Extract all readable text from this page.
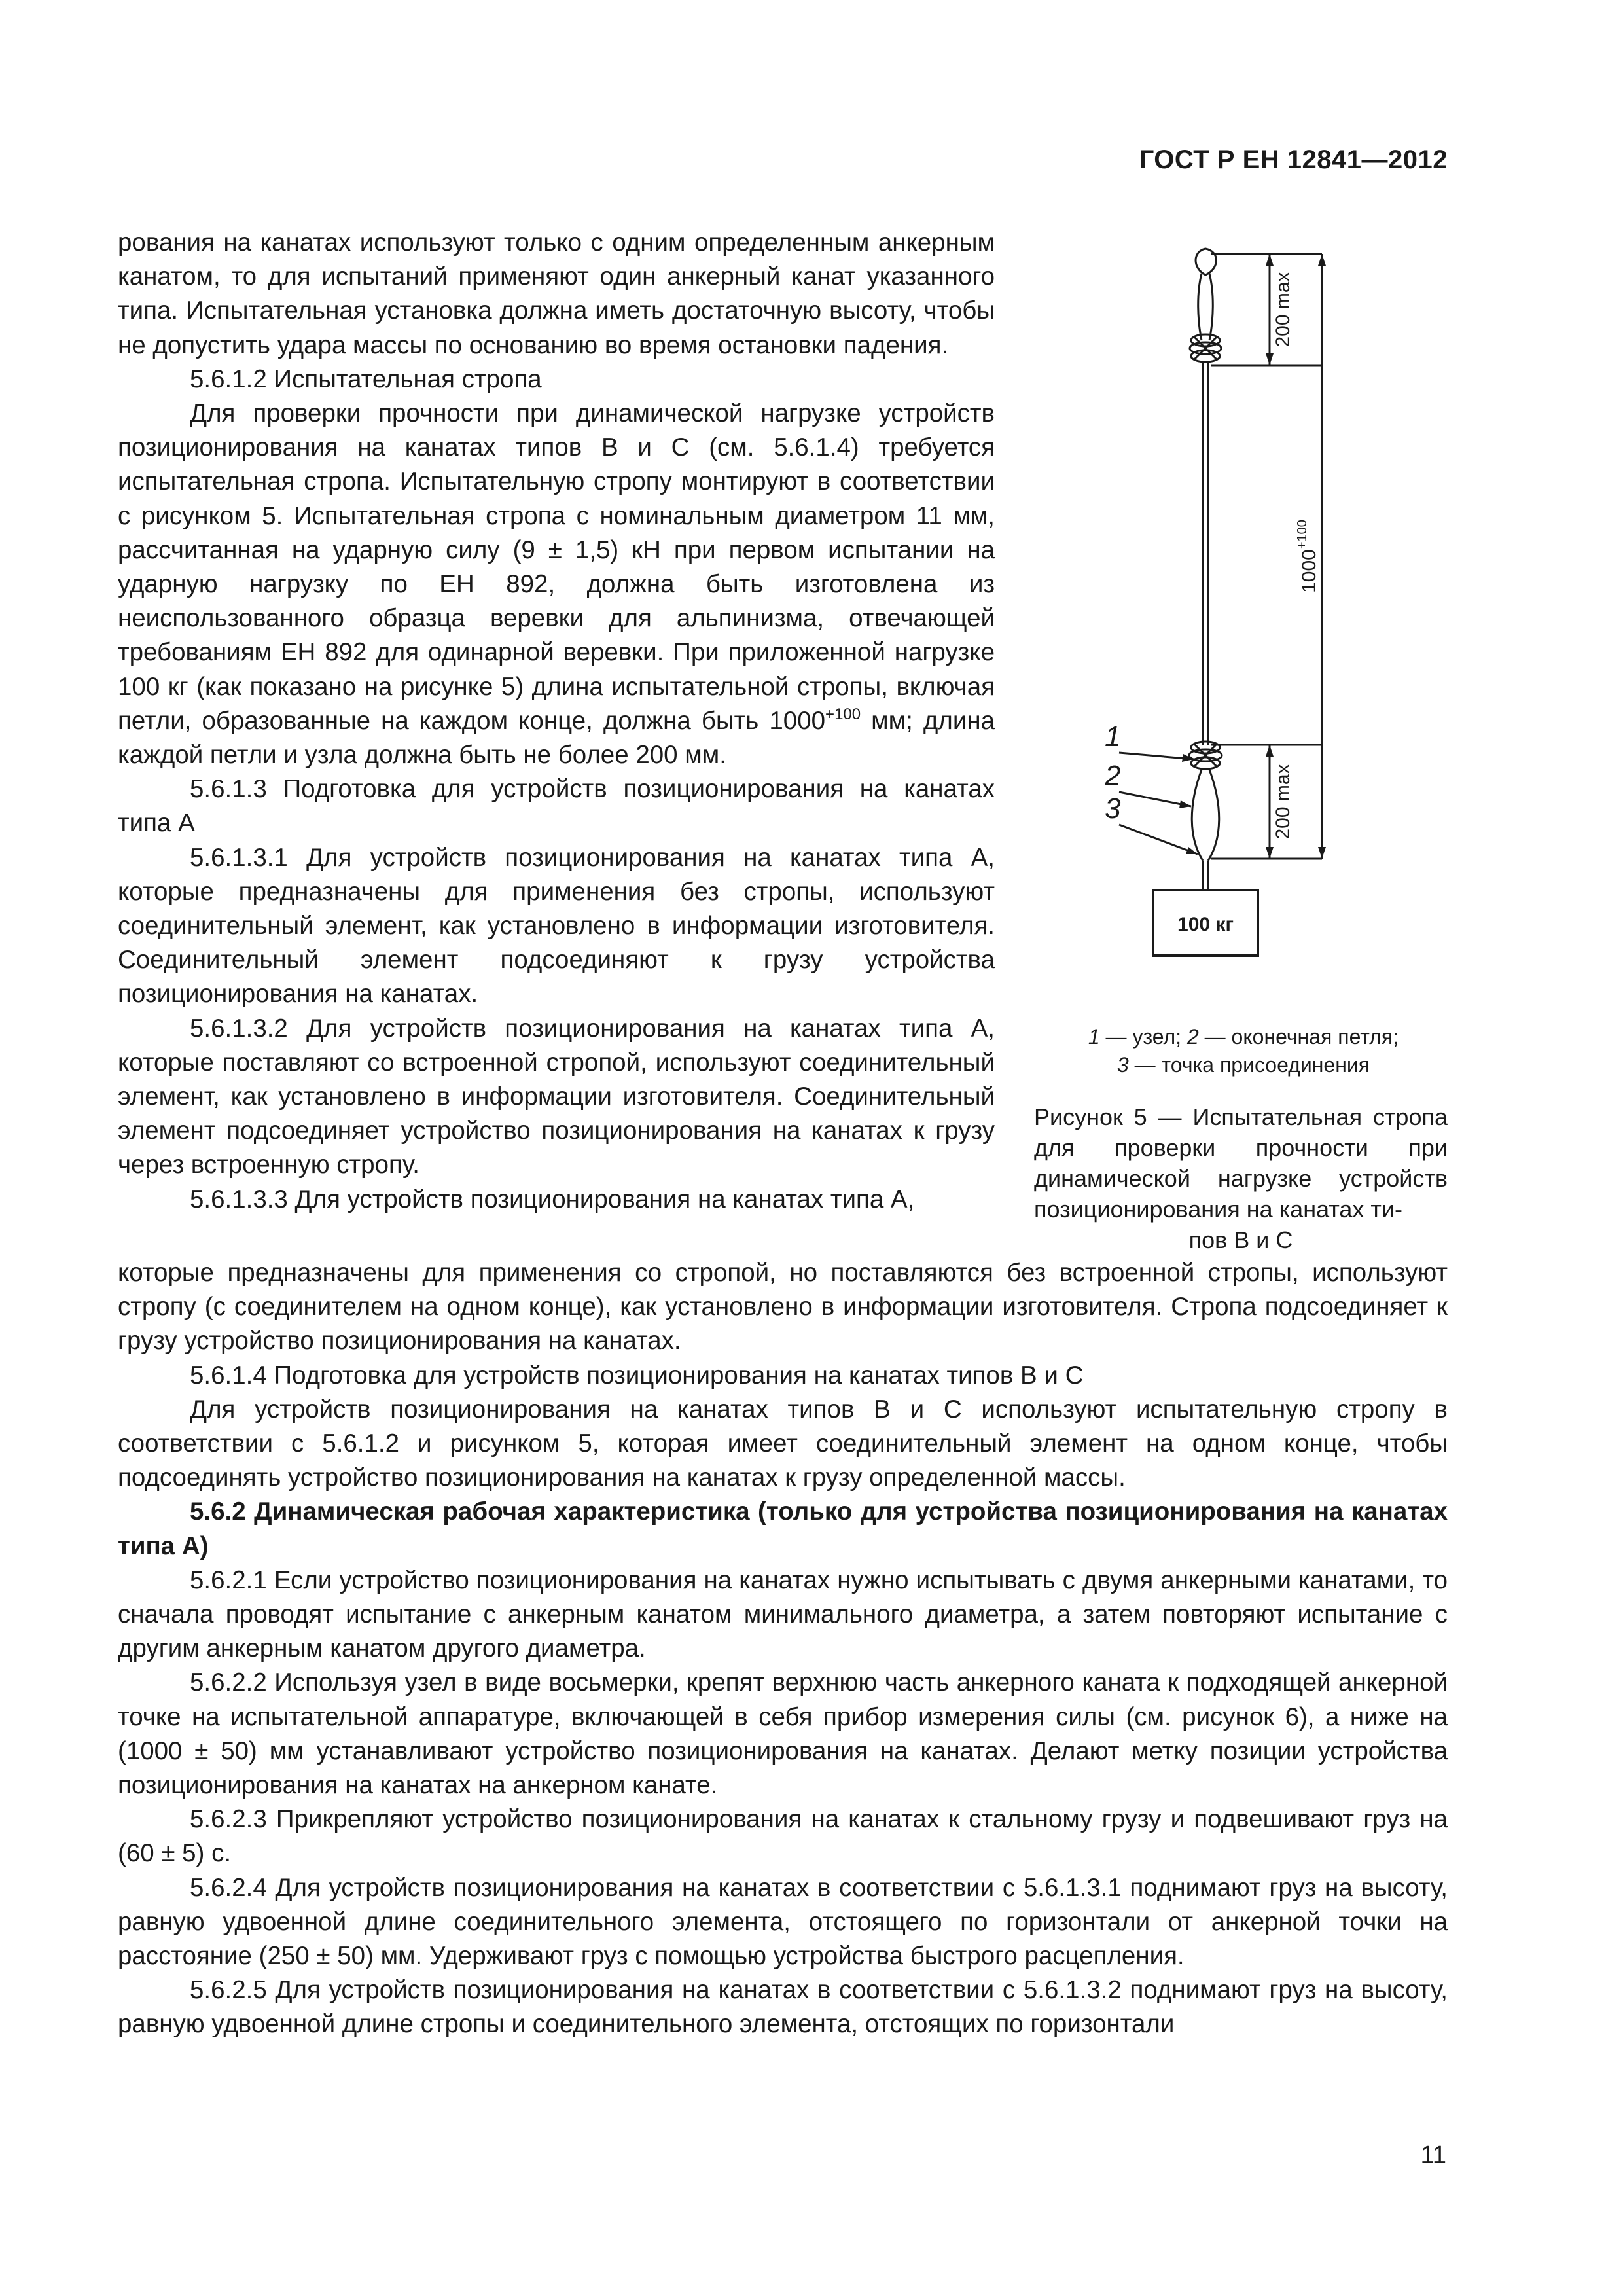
ГОСТ Р ЕН 12841—2012

рования на канатах используют только с одним определенным анкерным канатом, то для испытаний применяют один анкерный канат указанного типа. Испытательная установка должна иметь достаточную высоту, чтобы не допустить удара массы по основанию во время остановки падения.

5.6.1.2 Испытательная стропа

Для проверки прочности при динамической нагрузке устройств позиционирования на канатах типов В и С (см. 5.6.1.4) требуется испытательная стропа. Испытательную стропу монтируют в соответствии с рисунком 5. Испытательная стропа с номинальным диаметром 11 мм, рассчитанная на ударную силу (9 ± 1,5) кН при первом испытании на ударную нагрузку по ЕН 892, должна быть изготовлена из неиспользованного образца веревки для альпинизма, отвечающей требованиям ЕН 892 для одинарной веревки. При приложенной нагрузке 100 кг (как показано на рисунке 5) длина испытательной стропы, включая петли, образованные на каждом конце, должна быть $1000^{+100}$ мм; длина каждой петли и узла должна быть не более 200 мм.

5.6.1.3 Подготовка для устройств позиционирования на канатах типа А

5.6.1.3.1 Для устройств позиционирования на канатах типа А, которые предназначены для применения без стропы, используют соединительный элемент, как установлено в информации изготовителя. Соединительный элемент подсоединяют к грузу устройства позиционирования на канатах.

5.6.1.3.2 Для устройств позиционирования на канатах типа А, которые поставляют со встроенной стропой, используют соединительный элемент, как установлено в информации изготовителя. Соединительный элемент подсоединяет устройство позиционирования на канатах к грузу через встроенную стропу.

5.6.1.3.3 Для устройств позиционирования на канатах типа А,

200 max
$1000^{+100}$
200 max
1
2
3
100 кг
1 — узел; 2 — оконечная петля;
3 — точка присоединения

Рисунок 5 — Испытательная стропа для проверки прочности при динамической нагрузке устройств позиционирования на канатах ти-

пов В и С

которые предназначены для применения со стропой, но поставляются без встроенной стропы, используют стропу (с соединителем на одном конце), как установлено в информации изготовителя. Стропа подсоединяет к грузу устройство позиционирования на канатах.

5.6.1.4 Подготовка для устройств позиционирования на канатах типов В и С

Для устройств позиционирования на канатах типов В и С используют испытательную стропу в соответствии с 5.6.1.2 и рисунком 5, которая имеет соединительный элемент на одном конце, чтобы подсоединять устройство позиционирования на канатах к грузу определенной массы.

5.6.2 Динамическая рабочая характеристика (только для устройства позиционирования на канатах типа А)

5.6.2.1 Если устройство позиционирования на канатах нужно испытывать с двумя анкерными канатами, то сначала проводят испытание с анкерным канатом минимального диаметра, а затем повторяют испытание с другим анкерным канатом другого диаметра.

5.6.2.2 Используя узел в виде восьмерки, крепят верхнюю часть анкерного каната к подходящей анкерной точке на испытательной аппаратуре, включающей в себя прибор измерения силы (см. рисунок 6), а ниже на (1000 ± 50) мм устанавливают устройство позиционирования на канатах. Делают метку позиции устройства позиционирования на канатах на анкерном канате.

5.6.2.3 Прикрепляют устройство позиционирования на канатах к стальному грузу и подвешивают груз на (60 ± 5) с.

5.6.2.4 Для устройств позиционирования на канатах в соответствии с 5.6.1.3.1 поднимают груз на высоту, равную удвоенной длине соединительного элемента, отстоящего по горизонтали от анкерной точки на расстояние (250 ± 50) мм. Удерживают груз с помощью устройства быстрого расцепления.

5.6.2.5 Для устройств позиционирования на канатах в соответствии с 5.6.1.3.2 поднимают груз на высоту, равную удвоенной длине стропы и соединительного элемента, отстоящих по горизонтали

11
